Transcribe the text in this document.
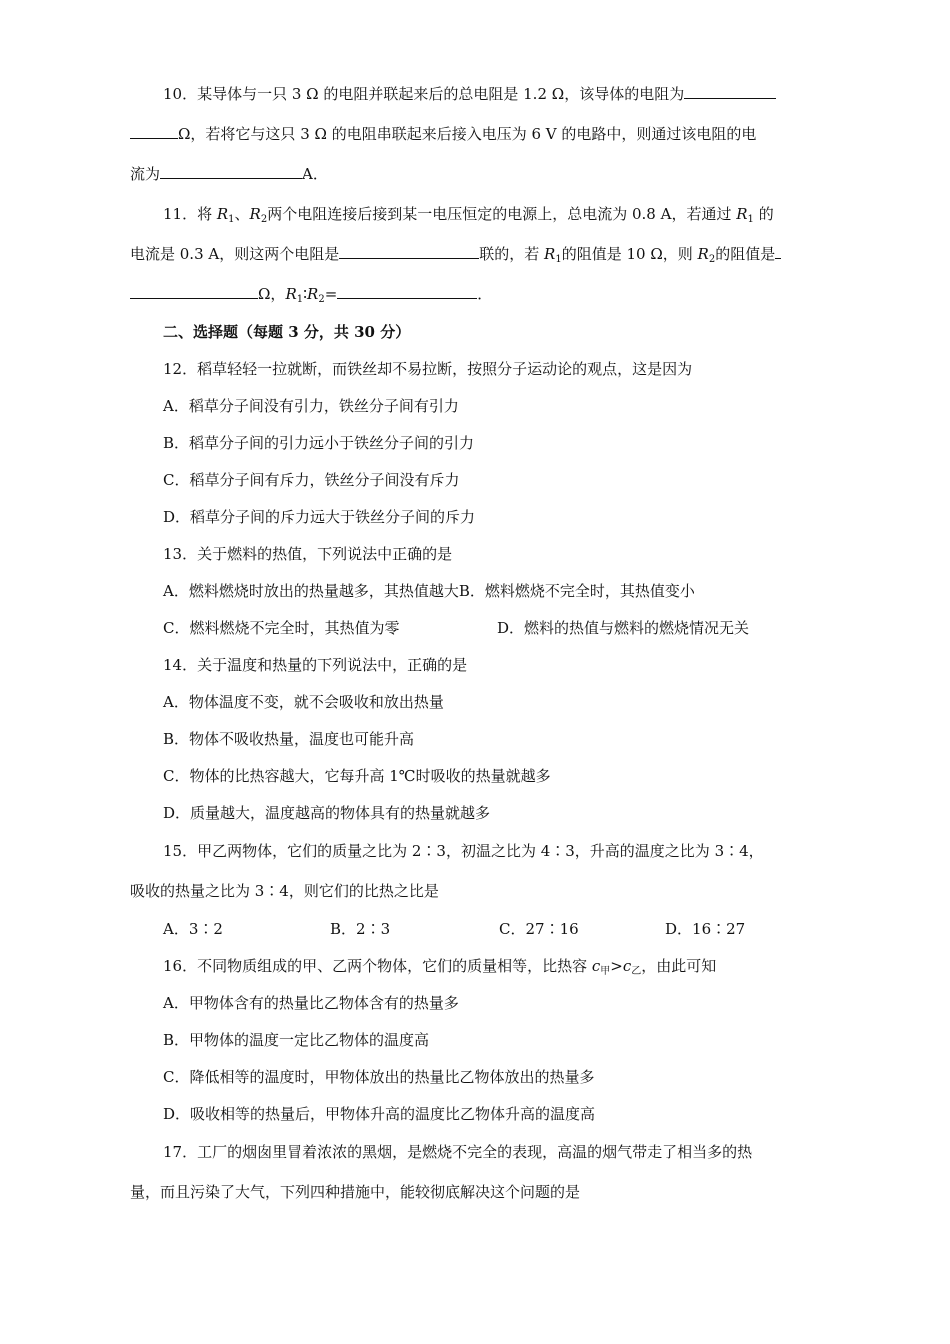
10．某导体与一只 3 Ω 的电阻并联起来后的总电阻是 1.2 Ω，该导体的电阻为
Ω，若将它与这只 3 Ω 的电阻串联起来后接入电压为 6 V 的电路中，则通过该电阻的电
流为	A．
11．将 $R_1$、$R_2$两个电阻连接后接到某一电压恒定的电源上，总电流为 0.8 A，若通过 $R_1$ 的
电流是 0.3 A，则这两个电阻是	联的，若 $R_1$的阻值是 10 Ω，则 $R_2$的阻值是
Ω，$R_1∶R_2=$	．
二、选择题（每题 3 分，共 30 分）
12．稻草轻轻一拉就断，而铁丝却不易拉断，按照分子运动论的观点，这是因为
A．稻草分子间没有引力，铁丝分子间有引力
B．稻草分子间的引力远小于铁丝分子间的引力
C．稻草分子间有斥力，铁丝分子间没有斥力
D．稻草分子间的斥力远大于铁丝分子间的斥力
13．关于燃料的热值，下列说法中正确的是
A．燃料燃烧时放出的热量越多，其热值越大B．燃料燃烧不完全时，其热值变小
C．燃料燃烧不完全时，其热值为零	D．燃料的热值与燃料的燃烧情况无关
14．关于温度和热量的下列说法中，正确的是
A．物体温度不变，就不会吸收和放出热量
B．物体不吸收热量，温度也可能升高
C．物体的比热容越大，它每升高 1℃时吸收的热量就越多
D．质量越大，温度越高的物体具有的热量就越多
15．甲乙两物体，它们的质量之比为 2∶3，初温之比为 4∶3，升高的温度之比为 3∶4，
吸收的热量之比为 3∶4，则它们的比热之比是
A．3∶2	B．2∶3	C．27∶16	D．16∶27
16．不同物质组成的甲、乙两个物体，它们的质量相等，比热容 $c_甲>c_乙$，由此可知
A．甲物体含有的热量比乙物体含有的热量多
B．甲物体的温度一定比乙物体的温度高
C．降低相等的温度时，甲物体放出的热量比乙物体放出的热量多
D．吸收相等的热量后，甲物体升高的温度比乙物体升高的温度高
17．工厂的烟囱里冒着浓浓的黑烟，是燃烧不完全的表现，高温的烟气带走了相当多的热
量，而且污染了大气，下列四种措施中，能较彻底解决这个问题的是
